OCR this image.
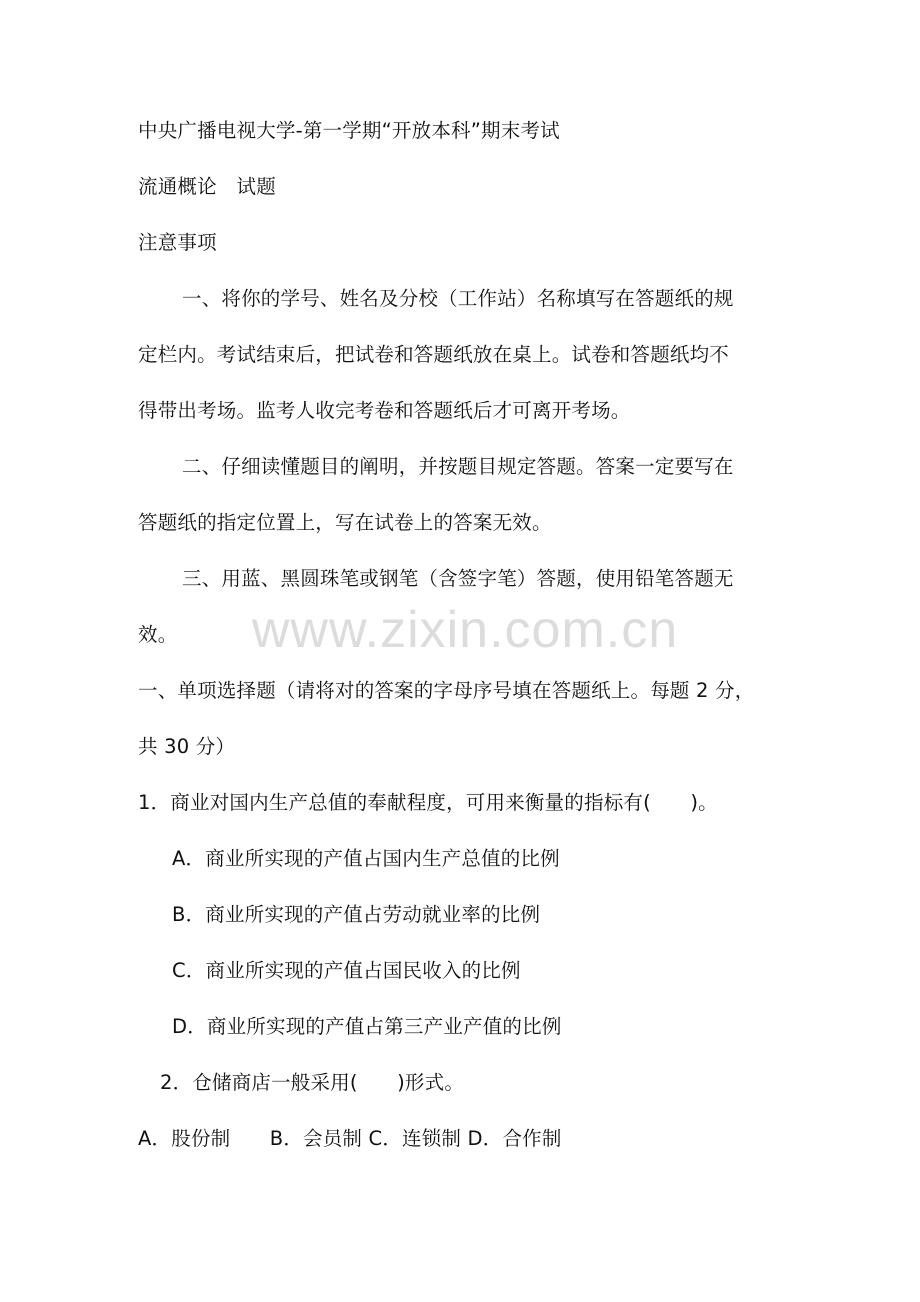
中央广播电视大学-第一学期“开放本科”期末考试
流通概论　试题
注意事项
一、将你的学号、姓名及分校（工作站）名称填写在答题纸的规
定栏内。考试结束后，把试卷和答题纸放在桌上。试卷和答题纸均不
得带出考场。监考人收完考卷和答题纸后才可离开考场。
二、仔细读懂题目的阐明，并按题目规定答题。答案一定要写在
答题纸的指定位置上，写在试卷上的答案无效。
三、用蓝、黑圆珠笔或钢笔（含签字笔）答题，使用铅笔答题无
效。	www.zixin.com.cn
一、单项选择题（请将对的答案的字母序号填在答题纸上。每题 2 分，
共 30 分）
1．商业对国内生产总值的奉献程度，可用来衡量的指标有(　　)。
A．商业所实现的产值占国内生产总值的比例
B．商业所实现的产值占劳动就业率的比例
C．商业所实现的产值占国民收入的比例
D．商业所实现的产值占第三产业产值的比例
2．仓储商店一般采用(　　)形式。
A．股份制　　B．会员制 C．连锁制 D．合作制
